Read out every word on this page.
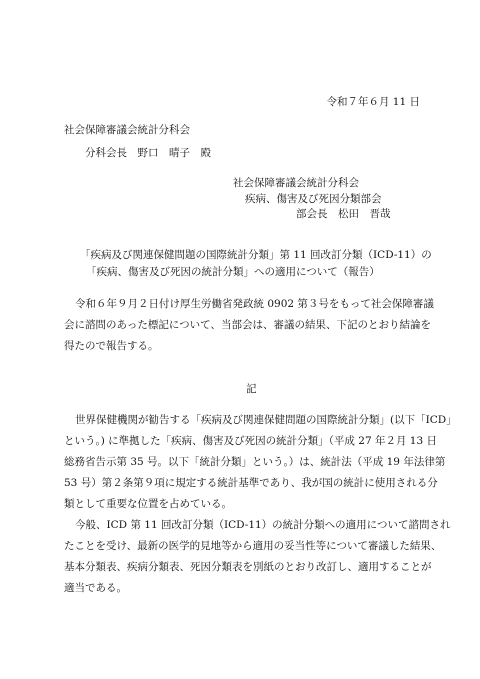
令和７年６月 11 日
社会保障審議会統計分科会
分科会長　野口　晴子　殿
社会保障審議会統計分科会
疾病、傷害及び死因分類部会
部会長　松田　晋哉
「疾病及び関連保健問題の国際統計分類」第 11 回改訂分類（ICD-11）の
「疾病、傷害及び死因の統計分類」への適用について（報告）
令和６年９月２日付け厚生労働省発政統 0902 第３号をもって社会保障審議
会に諮問のあった標記について、当部会は、審議の結果、下記のとおり結論を
得たので報告する。
記
世界保健機関が勧告する「疾病及び関連保健問題の国際統計分類」(以下「ICD」
という。) に準拠した「疾病、傷害及び死因の統計分類」（平成 27 年２月 13 日
総務省告示第 35 号。以下「統計分類」という。）は、統計法（平成 19 年法律第
53 号）第２条第９項に規定する統計基準であり、我が国の統計に使用される分
類として重要な位置を占めている。
今般、ICD 第 11 回改訂分類（ICD-11）の統計分類への適用について諮問され
たことを受け、最新の医学的見地等から適用の妥当性等について審議した結果、
基本分類表、疾病分類表、死因分類表を別紙のとおり改訂し、適用することが
適当である。
